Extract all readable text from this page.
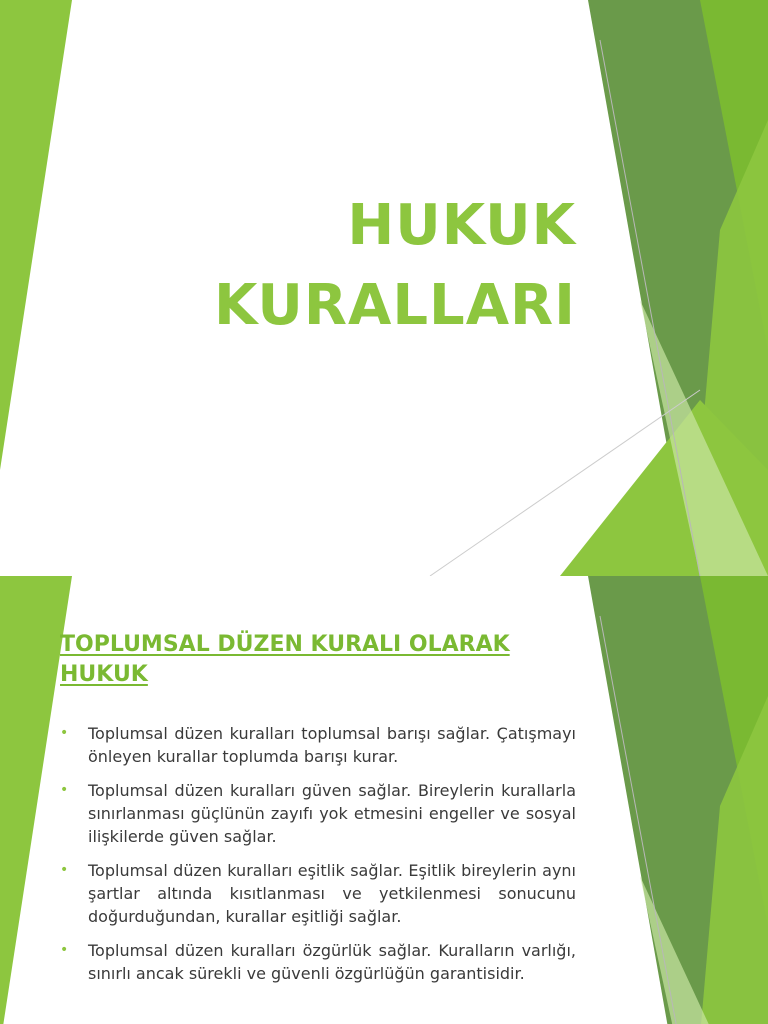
HUKUK
KURALLARI
TOPLUMSAL DÜZEN KURALI OLARAK
HUKUK
• Toplumsal düzen kuralları toplumsal barışı sağlar. Çatışmayı önleyen kurallar toplumda barışı kurar.
• Toplumsal düzen kuralları güven sağlar. Bireylerin kurallarla sınırlanması güçlünün zayıfı yok etmesini engeller ve sosyal ilişkilerde güven sağlar.
• Toplumsal düzen kuralları eşitlik sağlar. Eşitlik bireylerin aynı şartlar altında kısıtlanması ve yetkilenmesi sonucunu doğurduğundan, kurallar eşitliği sağlar.
• Toplumsal düzen kuralları özgürlük sağlar. Kuralların varlığı, sınırlı ancak sürekli ve güvenli özgürlüğün garantisidir.
